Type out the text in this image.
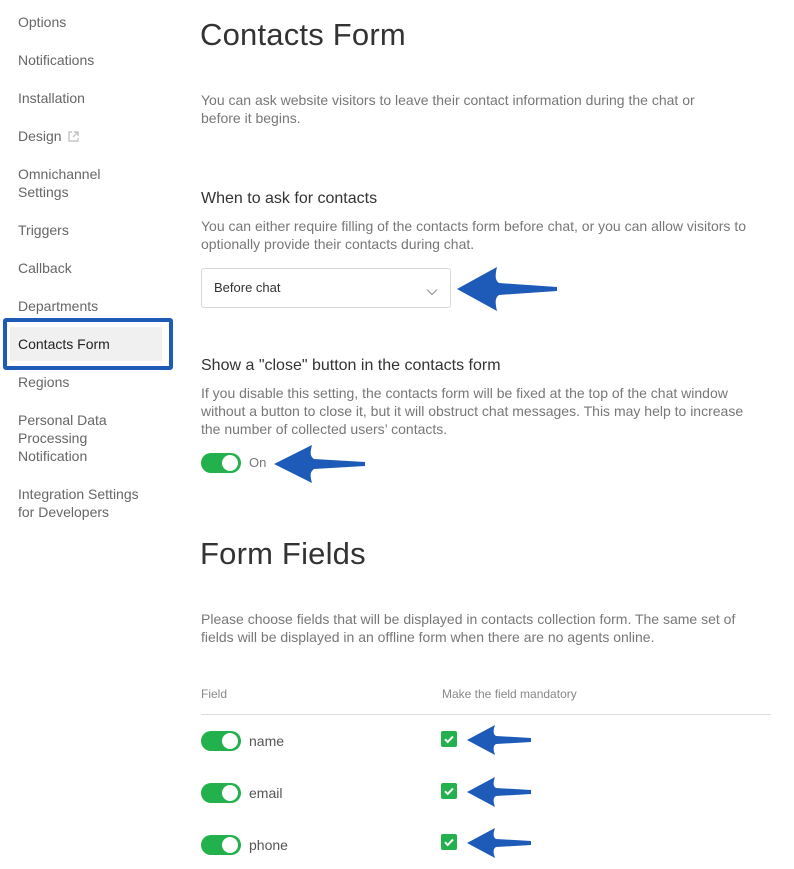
Options
Notifications
Installation
Design
Omnichannel
Settings
Triggers
Callback
Departments
Contacts Form
Regions
Personal Data
Processing
Notification
Integration Settings
for Developers
Contacts Form
You can ask website visitors to leave their contact information during the chat or before it begins.
When to ask for contacts
You can either require filling of the contacts form before chat, or you can allow visitors to optionally provide their contacts during chat.
Before chat
Show a "close" button in the contacts form
If you disable this setting, the contacts form will be fixed at the top of the chat window without a button to close it, but it will obstruct chat messages. This may help to increase the number of collected users’ contacts.
On
Form Fields
Please choose fields that will be displayed in contacts collection form. The same set of fields will be displayed in an offline form when there are no agents online.
Field	Make the field mandatory
name
email
phone
